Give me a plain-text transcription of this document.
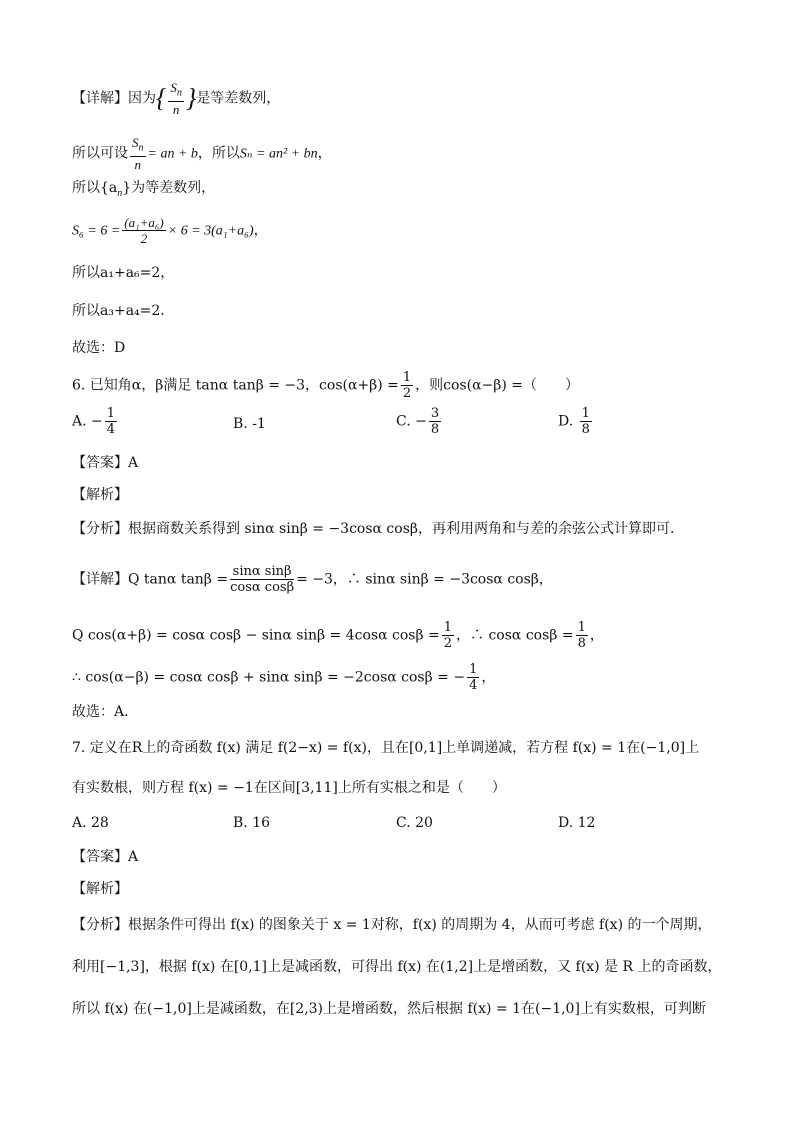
【详解】因为{ $\frac{S_n}{n}$ }是等差数列，
所以可设 $\frac{S_n}{n}$ = an + b，所以Sₙ = an² + bn，
所以$\{a_n\}$为等差数列，
$S_6 = 6 = \frac{\text{(a₁+a₆)}}{2} \times 6 = 3(a_1+a_6)$，
所以a₁+a₆=2，
所以a₃+a₄=2．
故选：D
6. 已知角α，β满足 tanα tanβ = −3，$\cos(\alpha+\beta) = \frac{1}{2}$ ，则cos(α−β) =（　　）
A. − $\frac{1}{4}$	B. -1	C. − $\frac{3}{8}$	D. $\frac{1}{8}$
【答案】A
【解析】
【分析】根据商数关系得到 sinα sinβ = −3cosα cosβ，再利用两角和与差的余弦公式计算即可.
【详解】Q tanα $\tan\beta = \frac{\text{sinα sinβ}}{\text{cosα cosβ}} = -3$，∴ sinα sinβ = −3cosα cosβ，
Q cos(α+β) = cosα cosβ − sinα sinβ = 4cosα $\cos\beta = \frac{1}{2}$ ，∴ cosα $\cos\beta = \frac{1}{8}$ ，
∴ cos(α−β) = cosα cosβ + sinα sinβ = −2cosα cosβ = − $\frac{1}{4}$ ，
故选：A.
7. 定义在R上的奇函数 f(x) 满足 f(2−x) = f(x)，且在[0,1]上单调递减，若方程 f(x) = 1在(−1,0]上
有实数根，则方程 f(x) = −1在区间[3,11]上所有实根之和是（　　）
A. 28	B. 16	C. 20	D. 12
【答案】A
【解析】
【分析】根据条件可得出 f(x) 的图象关于 x = 1对称，f(x) 的周期为 4，从而可考虑 f(x) 的一个周期，
利用[−1,3]，根据 f(x) 在[0,1]上是减函数，可得出 f(x) 在(1,2]上是增函数，又 f(x) 是 R 上的奇函数，
所以 f(x) 在(−1,0]上是减函数，在[2,3)上是增函数，然后根据 f(x) = 1在(−1,0]上有实数根，可判断
